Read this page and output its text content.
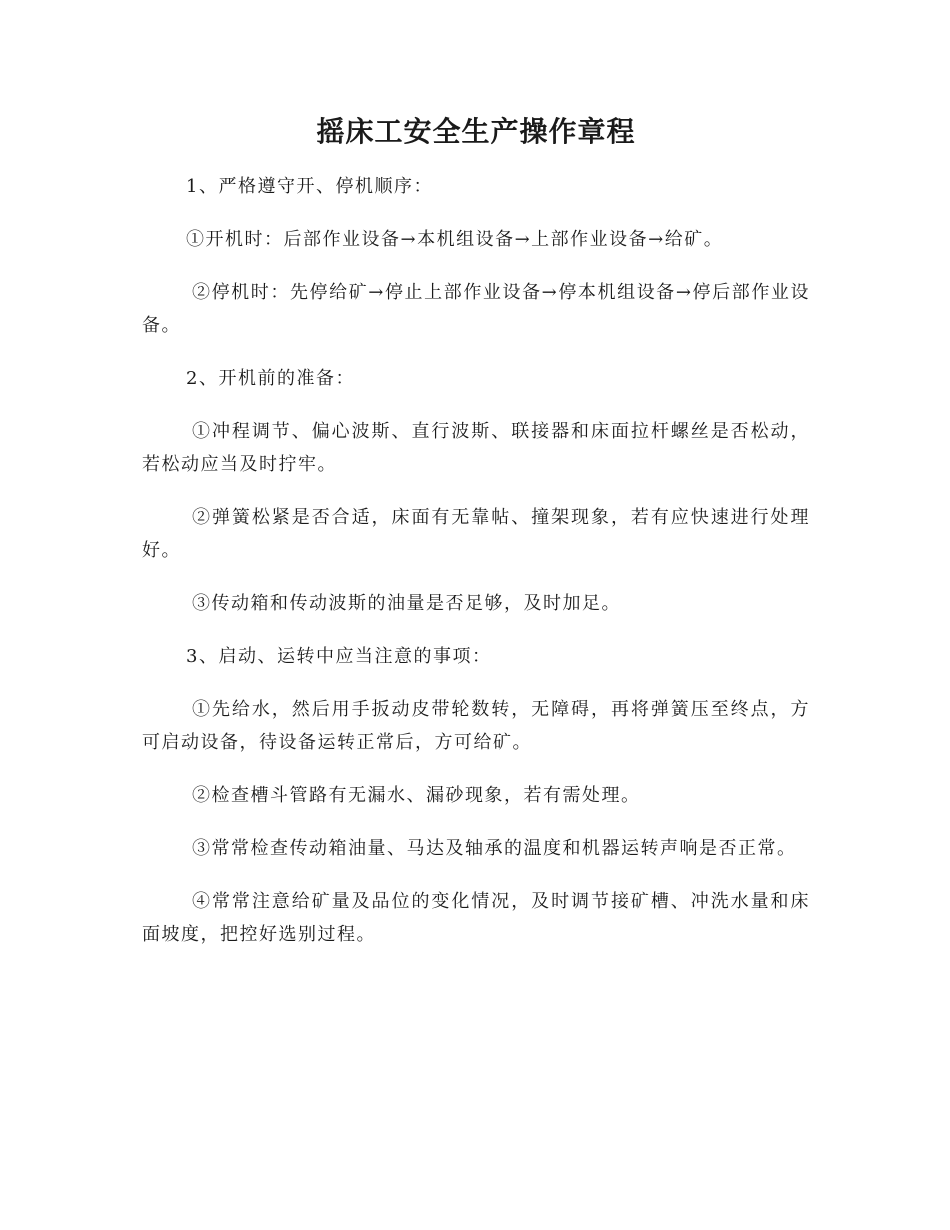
摇床工安全生产操作章程

1、严格遵守开、停机顺序：

①开机时：后部作业设备→本机组设备→上部作业设备→给矿。

②停机时：先停给矿→停止上部作业设备→停本机组设备→停后部作业设备。

2、开机前的准备：

①冲程调节、偏心波斯、直行波斯、联接器和床面拉杆螺丝是否松动，若松动应当及时拧牢。

②弹簧松紧是否合适，床面有无靠帖、撞架现象，若有应快速进行处理好。

③传动箱和传动波斯的油量是否足够，及时加足。

3、启动、运转中应当注意的事项：

①先给水，然后用手扳动皮带轮数转，无障碍，再将弹簧压至终点，方可启动设备，待设备运转正常后，方可给矿。

②检查槽斗管路有无漏水、漏砂现象，若有需处理。

③常常检查传动箱油量、马达及轴承的温度和机器运转声响是否正常。

④常常注意给矿量及品位的变化情况，及时调节接矿槽、冲洗水量和床面坡度，把控好选别过程。
